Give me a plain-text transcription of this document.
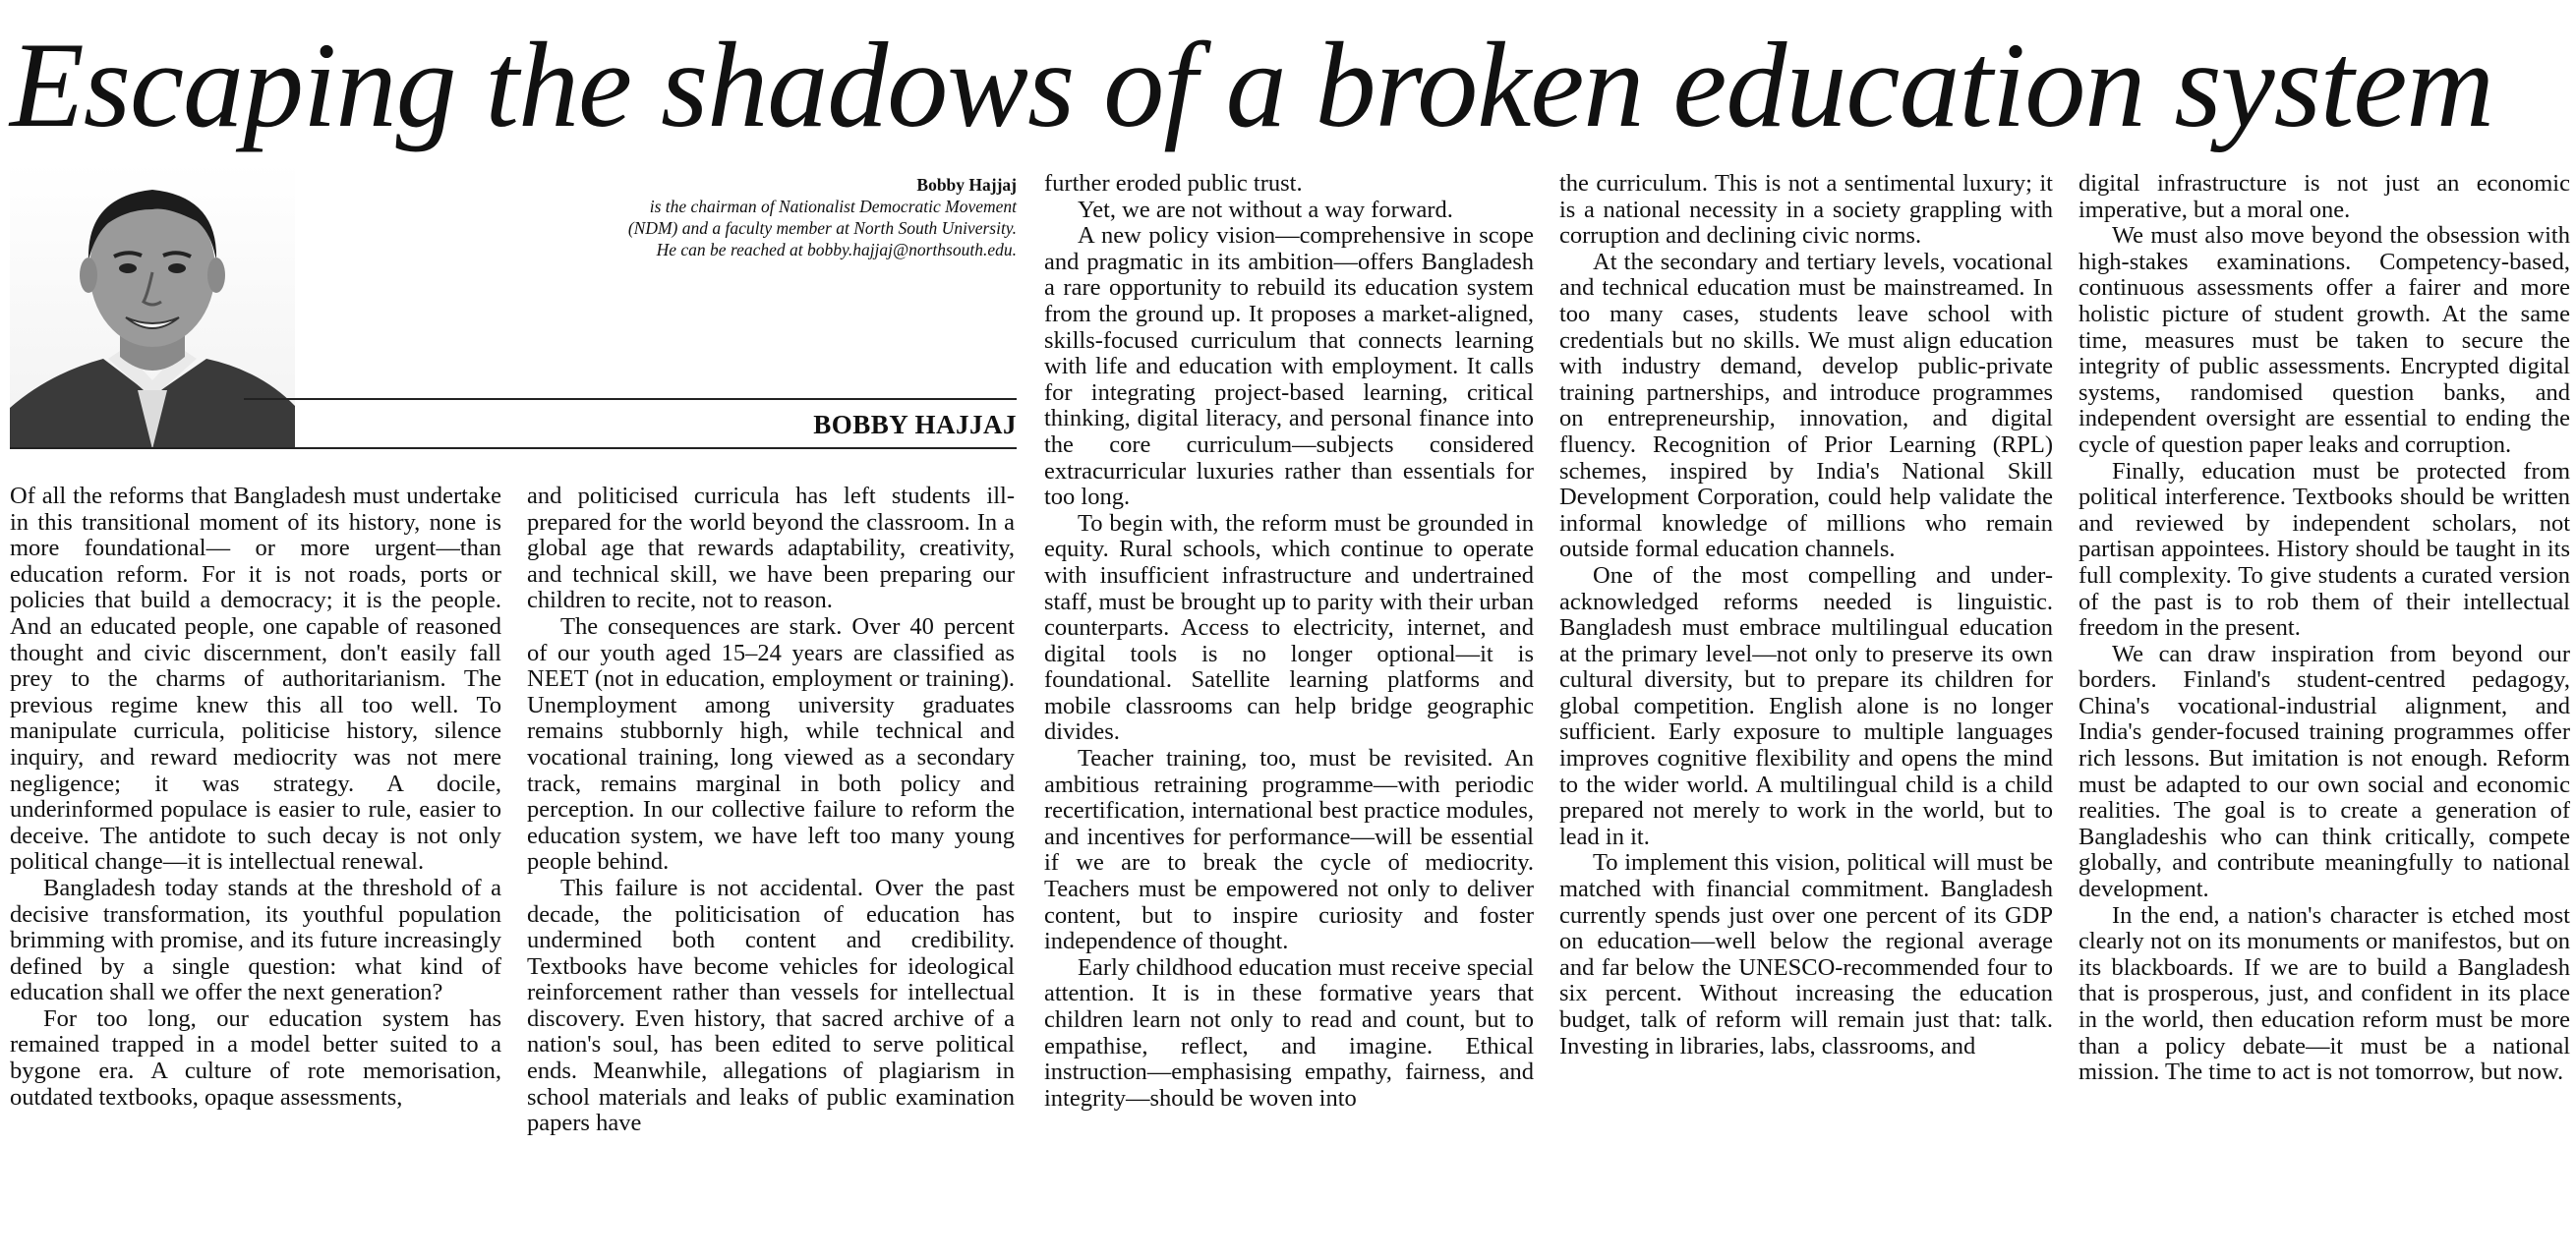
Escaping the shadows of a broken education system
Bobby Hajjaj
is the chairman of Nationalist Democratic Movement
(NDM) and a faculty member at North South University.
He can be reached at bobby.hajjaj@northsouth.edu.
BOBBY HAJJAJ

Of all the reforms that Bangladesh must undertake in this transitional moment of its history, none is more foundational— or more urgent—than education reform. For it is not roads, ports or policies that build a democracy; it is the people. And an educated people, one capable of reasoned thought and civic discernment, don't easily fall prey to the charms of authoritarianism. The previous regime knew this all too well. To manipulate curricula, politicise history, silence inquiry, and reward mediocrity was not mere negligence; it was strategy. A docile, underinformed populace is easier to rule, easier to deceive. The antidote to such decay is not only political change—it is intellectual renewal.

Bangladesh today stands at the threshold of a decisive transformation, its youthful population brimming with promise, and its future increasingly defined by a single question: what kind of education shall we offer the next generation?

For too long, our education system has remained trapped in a model better suited to a bygone era. A culture of rote memorisation, outdated textbooks, opaque assessments,

and politicised curricula has left students ill-prepared for the world beyond the classroom. In a global age that rewards adaptability, creativity, and technical skill, we have been preparing our children to recite, not to reason.

The consequences are stark. Over 40 percent of our youth aged 15–24 years are classified as NEET (not in education, employment or training). Unemployment among university graduates remains stubbornly high, while technical and vocational training, long viewed as a secondary track, remains marginal in both policy and perception. In our collective failure to reform the education system, we have left too many young people behind.

This failure is not accidental. Over the past decade, the politicisation of education has undermined both content and credibility. Textbooks have become vehicles for ideological reinforcement rather than vessels for intellectual discovery. Even history, that sacred archive of a nation's soul, has been edited to serve political ends. Meanwhile, allegations of plagiarism in school materials and leaks of public examination papers have

further eroded public trust.

Yet, we are not without a way forward.

A new policy vision—comprehensive in scope and pragmatic in its ambition—offers Bangladesh a rare opportunity to rebuild its education system from the ground up. It proposes a market-aligned, skills-focused curriculum that connects learning with life and education with employment. It calls for integrating project-based learning, critical thinking, digital literacy, and personal finance into the core curriculum—subjects considered extracurricular luxuries rather than essentials for too long.

To begin with, the reform must be grounded in equity. Rural schools, which continue to operate with insufficient infrastructure and undertrained staff, must be brought up to parity with their urban counterparts. Access to electricity, internet, and digital tools is no longer optional—it is foundational. Satellite learning platforms and mobile classrooms can help bridge geographic divides.

Teacher training, too, must be revisited. An ambitious retraining programme—with periodic recertification, international best practice modules, and incentives for performance—will be essential if we are to break the cycle of mediocrity. Teachers must be empowered not only to deliver content, but to inspire curiosity and foster independence of thought.

Early childhood education must receive special attention. It is in these formative years that children learn not only to read and count, but to empathise, reflect, and imagine. Ethical instruction—emphasising empathy, fairness, and integrity—should be woven into

the curriculum. This is not a sentimental luxury; it is a national necessity in a society grappling with corruption and declining civic norms.

At the secondary and tertiary levels, vocational and technical education must be mainstreamed. In too many cases, students leave school with credentials but no skills. We must align education with industry demand, develop public-private training partnerships, and introduce programmes on entrepreneurship, innovation, and digital fluency. Recognition of Prior Learning (RPL) schemes, inspired by India's National Skill Development Corporation, could help validate the informal knowledge of millions who remain outside formal education channels.

One of the most compelling and under-acknowledged reforms needed is linguistic. Bangladesh must embrace multilingual education at the primary level—not only to preserve its own cultural diversity, but to prepare its children for global competition. English alone is no longer sufficient. Early exposure to multiple languages improves cognitive flexibility and opens the mind to the wider world. A multilingual child is a child prepared not merely to work in the world, but to lead in it.

To implement this vision, political will must be matched with financial commitment. Bangladesh currently spends just over one percent of its GDP on education—well below the regional average and far below the UNESCO-recommended four to six percent. Without increasing the education budget, talk of reform will remain just that: talk. Investing in libraries, labs, classrooms, and

digital infrastructure is not just an economic imperative, but a moral one.

We must also move beyond the obsession with high-stakes examinations. Competency-based, continuous assessments offer a fairer and more holistic picture of student growth. At the same time, measures must be taken to secure the integrity of public assessments. Encrypted digital systems, randomised question banks, and independent oversight are essential to ending the cycle of question paper leaks and corruption.

Finally, education must be protected from political interference. Textbooks should be written and reviewed by independent scholars, not partisan appointees. History should be taught in its full complexity. To give students a curated version of the past is to rob them of their intellectual freedom in the present.

We can draw inspiration from beyond our borders. Finland's student-centred pedagogy, China's vocational-industrial alignment, and India's gender-focused training programmes offer rich lessons. But imitation is not enough. Reform must be adapted to our own social and economic realities. The goal is to create a generation of Bangladeshis who can think critically, compete globally, and contribute meaningfully to national development.

In the end, a nation's character is etched most clearly not on its monuments or manifestos, but on its blackboards. If we are to build a Bangladesh that is prosperous, just, and confident in its place in the world, then education reform must be more than a policy debate—it must be a national mission. The time to act is not tomorrow, but now.
